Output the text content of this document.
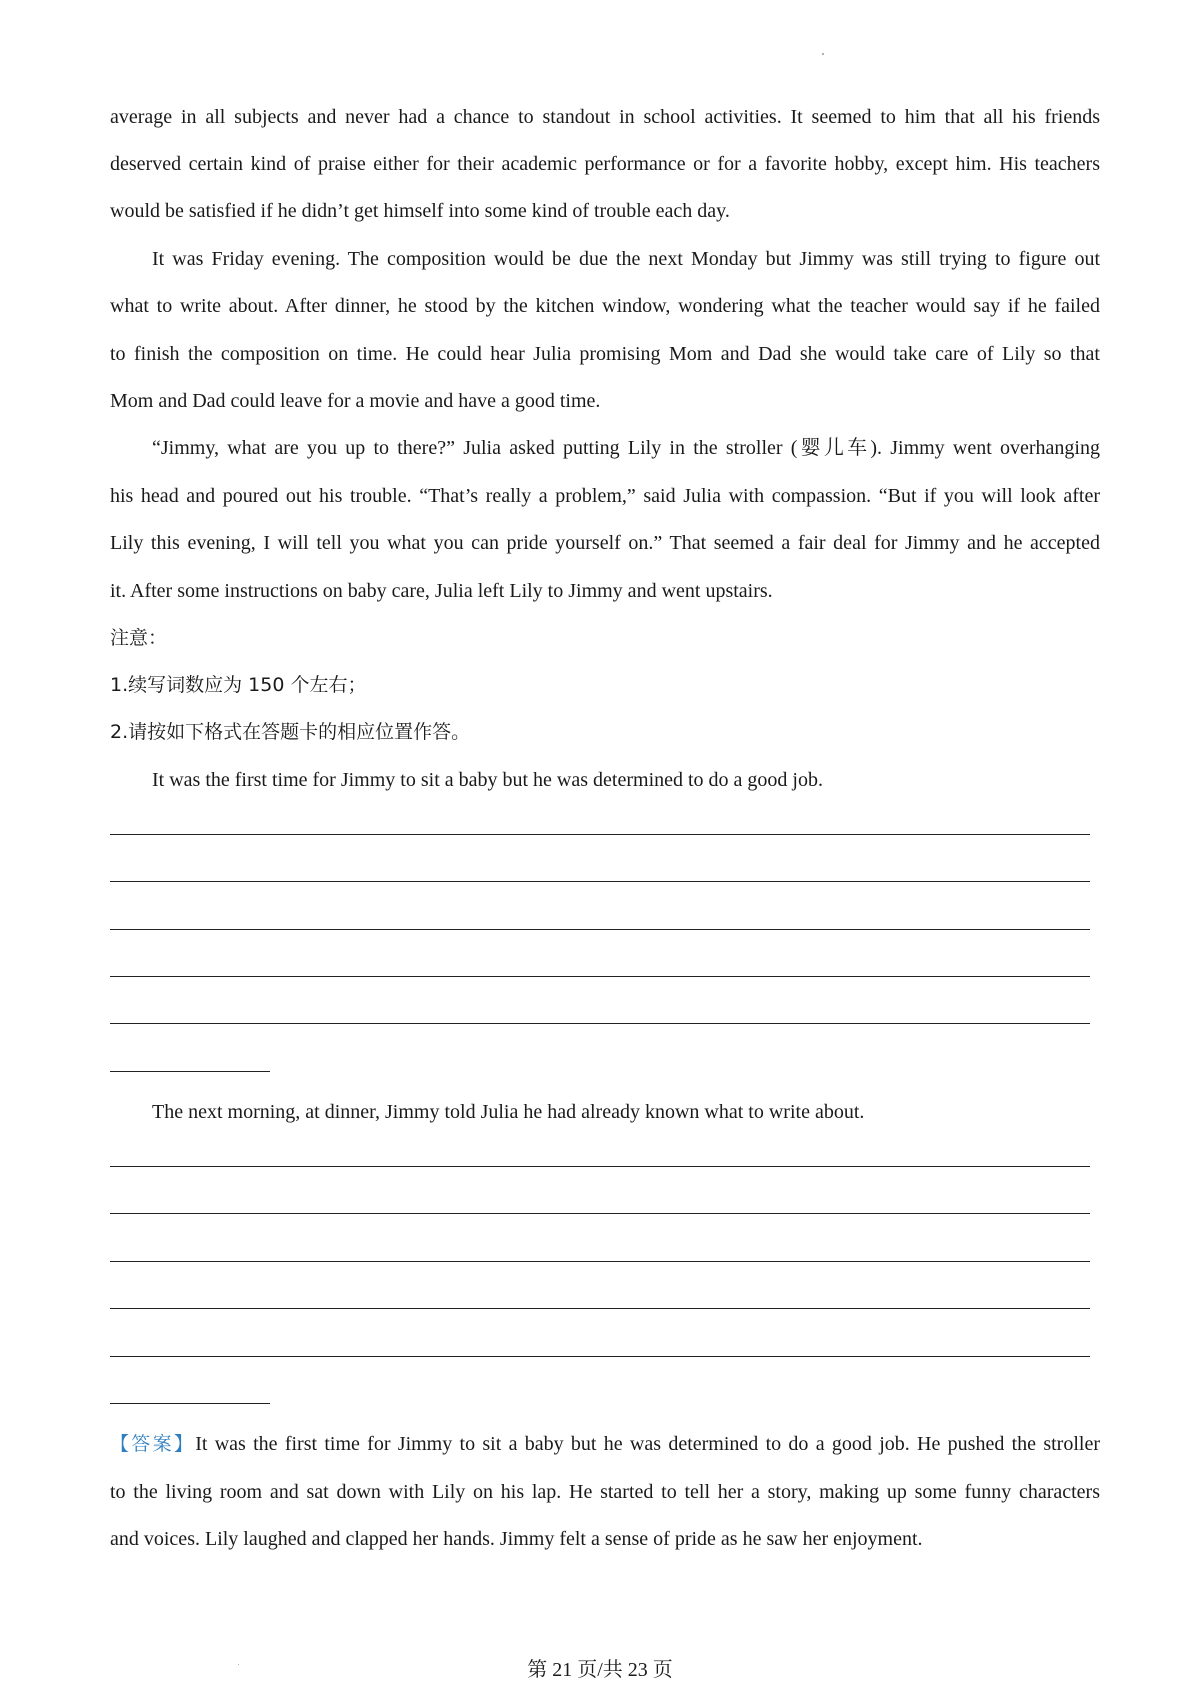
average in all subjects and never had a chance to standout in school activities. It seemed to him that all his friends
deserved certain kind of praise either for their academic performance or for a favorite hobby, except him. His teachers
would be satisfied if he didn’t get himself into some kind of trouble each day.
It was Friday evening. The composition would be due the next Monday but Jimmy was still trying to figure out
what to write about. After dinner, he stood by the kitchen window, wondering what the teacher would say if he failed
to finish the composition on time. He could hear Julia promising Mom and Dad she would take care of Lily so that
Mom and Dad could leave for a movie and have a good time.
“Jimmy, what are you up to there?” Julia asked putting Lily in the stroller (婴儿车). Jimmy went overhanging
his head and poured out his trouble. “That’s really a problem,” said Julia with compassion. “But if you will look after
Lily this evening, I will tell you what you can pride yourself on.” That seemed a fair deal for Jimmy and he accepted
it. After some instructions on baby care, Julia left Lily to Jimmy and went upstairs.
注意：
1.续写词数应为 150 个左右；
2.请按如下格式在答题卡的相应位置作答。
It was the first time for Jimmy to sit a baby but he was determined to do a good job.
The next morning, at dinner, Jimmy told Julia he had already known what to write about.
【答案】It was the first time for Jimmy to sit a baby but he was determined to do a good job. He pushed the stroller
to the living room and sat down with Lily on his lap. He started to tell her a story, making up some funny characters
and voices. Lily laughed and clapped her hands. Jimmy felt a sense of pride as he saw her enjoyment.
第 21 页/共 23 页
